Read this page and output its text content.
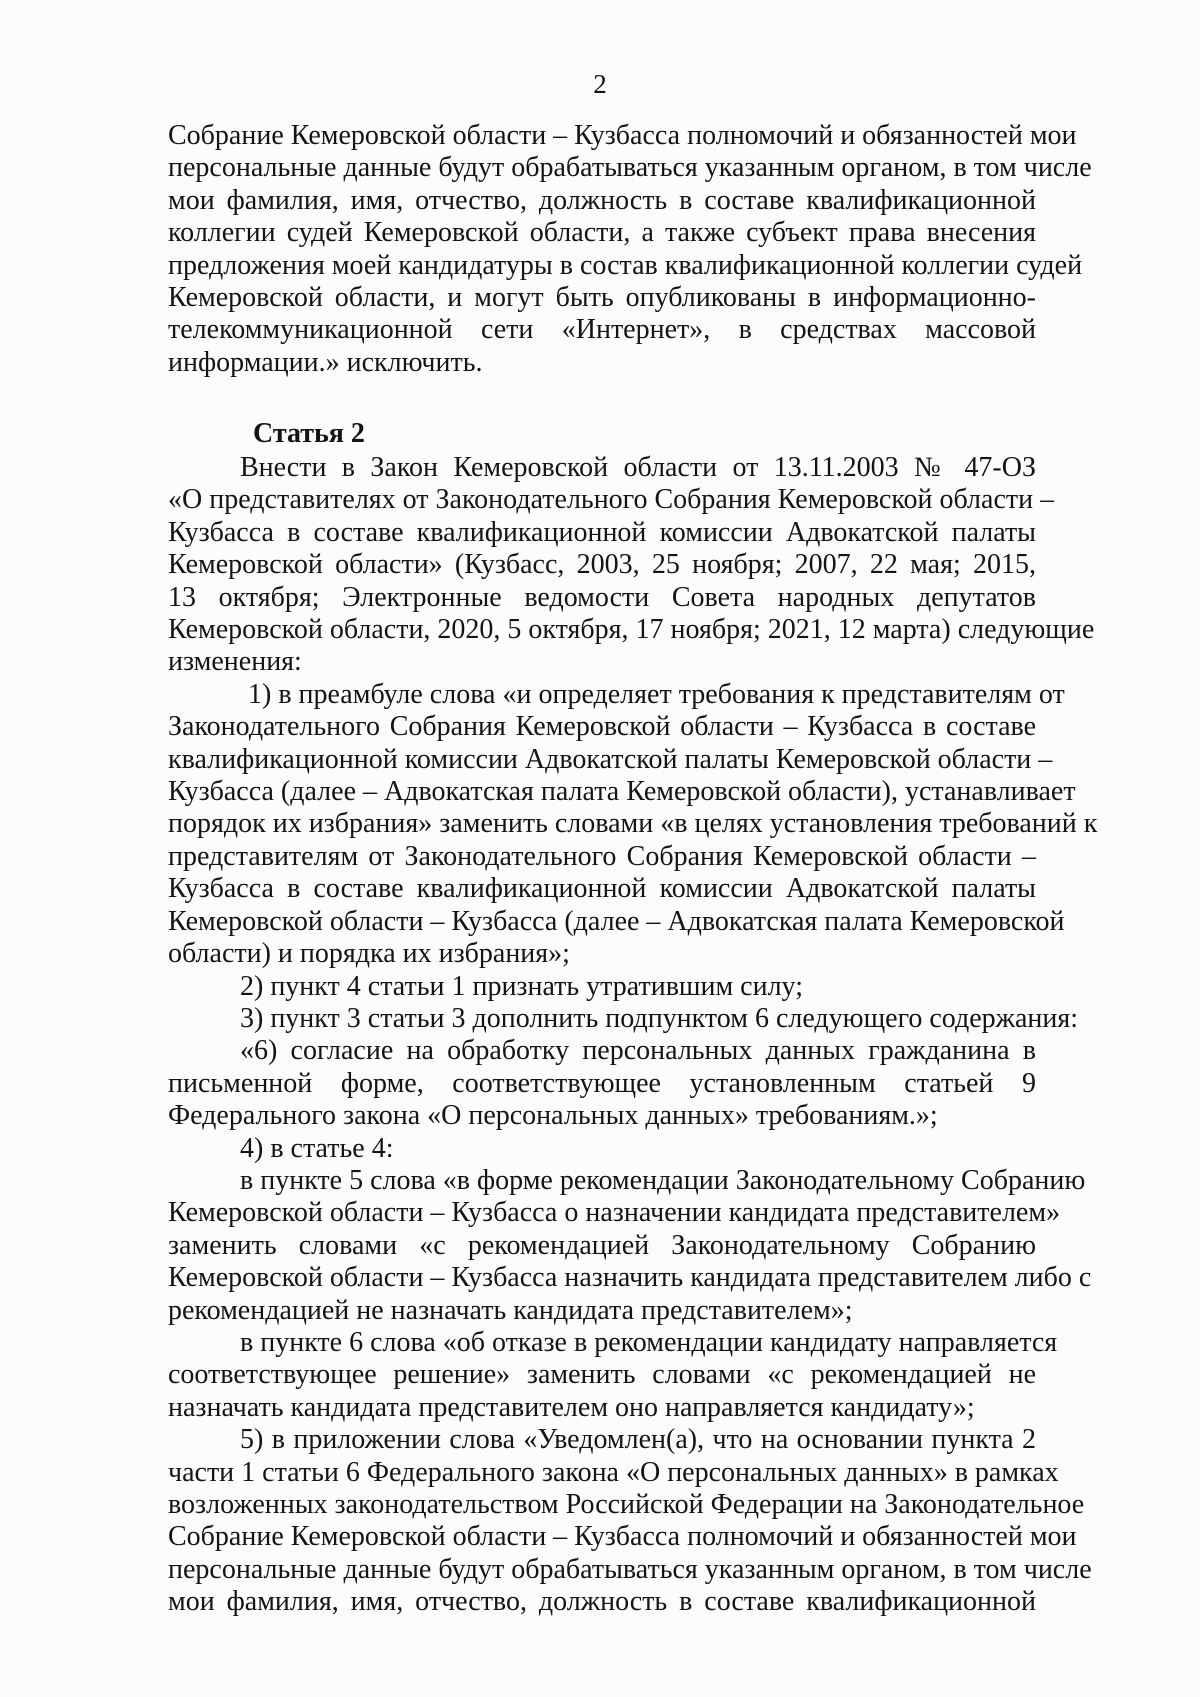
2
Собрание Кемеровской области – Кузбасса полномочий и обязанностей мои
персональные данные будут обрабатываться указанным органом, в том числе
мои фамилия, имя, отчество, должность в составе квалификационной
коллегии судей Кемеровской области, а также субъект права внесения
предложения моей кандидатуры в состав квалификационной коллегии судей
Кемеровской области, и могут быть опубликованы в информационно-
телекоммуникационной сети «Интернет», в средствах массовой
информации.» исключить.
Статья 2
Внести в Закон Кемеровской области от 13.11.2003 № 47-ОЗ
«О представителях от Законодательного Собрания Кемеровской области –
Кузбасса в составе квалификационной комиссии Адвокатской палаты
Кемеровской области» (Кузбасс, 2003, 25 ноября; 2007, 22 мая; 2015,
13 октября; Электронные ведомости Совета народных депутатов
Кемеровской области, 2020, 5 октября, 17 ноября; 2021, 12 марта) следующие
изменения:
1) в преамбуле слова «и определяет требования к представителям от
Законодательного Собрания Кемеровской области – Кузбасса в составе
квалификационной комиссии Адвокатской палаты Кемеровской области –
Кузбасса (далее – Адвокатская палата Кемеровской области), устанавливает
порядок их избрания» заменить словами «в целях установления требований к
представителям от Законодательного Собрания Кемеровской области –
Кузбасса в составе квалификационной комиссии Адвокатской палаты
Кемеровской области – Кузбасса (далее – Адвокатская палата Кемеровской
области) и порядка их избрания»;
2) пункт 4 статьи 1 признать утратившим силу;
3) пункт 3 статьи 3 дополнить подпунктом 6 следующего содержания:
«6) согласие на обработку персональных данных гражданина в
письменной форме, соответствующее установленным статьей 9
Федерального закона «О персональных данных» требованиям.»;
4) в статье 4:
в пункте 5 слова «в форме рекомендации Законодательному Собранию
Кемеровской области – Кузбасса о назначении кандидата представителем»
заменить словами «с рекомендацией Законодательному Собранию
Кемеровской области – Кузбасса назначить кандидата представителем либо с
рекомендацией не назначать кандидата представителем»;
в пункте 6 слова «об отказе в рекомендации кандидату направляется
соответствующее решение» заменить словами «с рекомендацией не
назначать кандидата представителем оно направляется кандидату»;
5) в приложении слова «Уведомлен(а), что на основании пункта 2
части 1 статьи 6 Федерального закона «О персональных данных» в рамках
возложенных законодательством Российской Федерации на Законодательное
Собрание Кемеровской области – Кузбасса полномочий и обязанностей мои
персональные данные будут обрабатываться указанным органом, в том числе
мои фамилия, имя, отчество, должность в составе квалификационной
